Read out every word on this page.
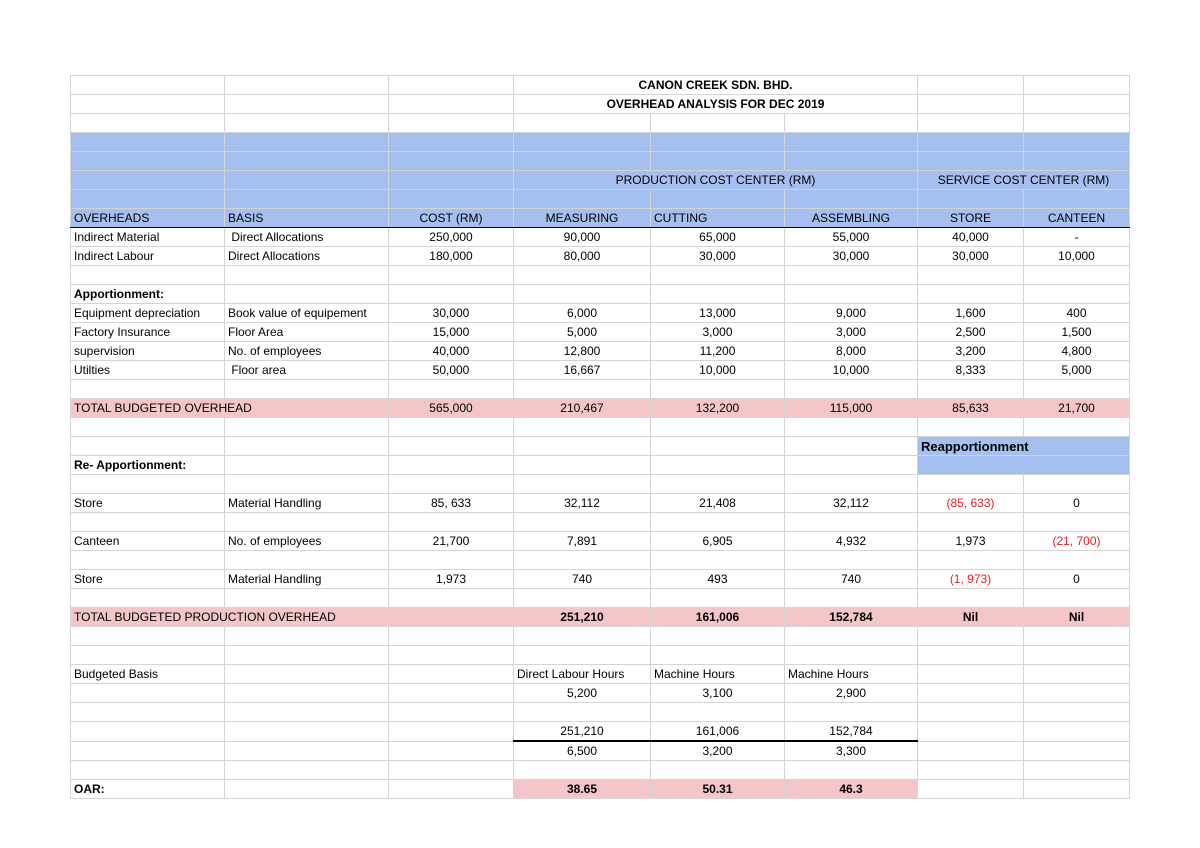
			CANON CREEK SDN. BHD.				
			OVERHEAD ANALYSIS FOR DEC 2019				

			PRODUCTION COST CENTER (RM)			SERVICE COST CENTER (RM)	

OVERHEADS	BASIS	COST (RM)	MEASURING	CUTTING	ASSEMBLING	STORE	CANTEEN
Indirect Material	Direct Allocations	250,000	90,000	65,000	55,000	40,000	-
Indirect Labour	Direct Allocations	180,000	80,000	30,000	30,000	30,000	10,000

Apportionment:							
Equipment depreciation	Book value of equipement	30,000	6,000	13,000	9,000	1,600	400
Factory Insurance	Floor Area	15,000	5,000	3,000	3,000	2,500	1,500
supervision	No. of employees	40,000	12,800	11,200	8,000	3,200	4,800
Utilties	Floor area	50,000	16,667	10,000	10,000	8,333	5,000

TOTAL BUDGETED OVERHEAD		565,000	210,467	132,200	115,000	85,633	21,700

						Reapportionment	
Re- Apportionment:							

Store	Material Handling	85, 633	32,112	21,408	32,112	(85, 633)	0

Canteen	No. of employees	21,700	7,891	6,905	4,932	1,973	(21, 700)

Store	Material Handling	1,973	740	493	740	(1, 973)	0

TOTAL BUDGETED PRODUCTION OVERHEAD			251,210	161,006	152,784	Nil	Nil

Budgeted Basis			Direct Labour Hours	Machine Hours	Machine Hours		
			5,200	3,100	2,900		

			251,210	161,006	152,784		
			6,500	3,200	3,300		

OAR:			38.65	50.31	46.3		
